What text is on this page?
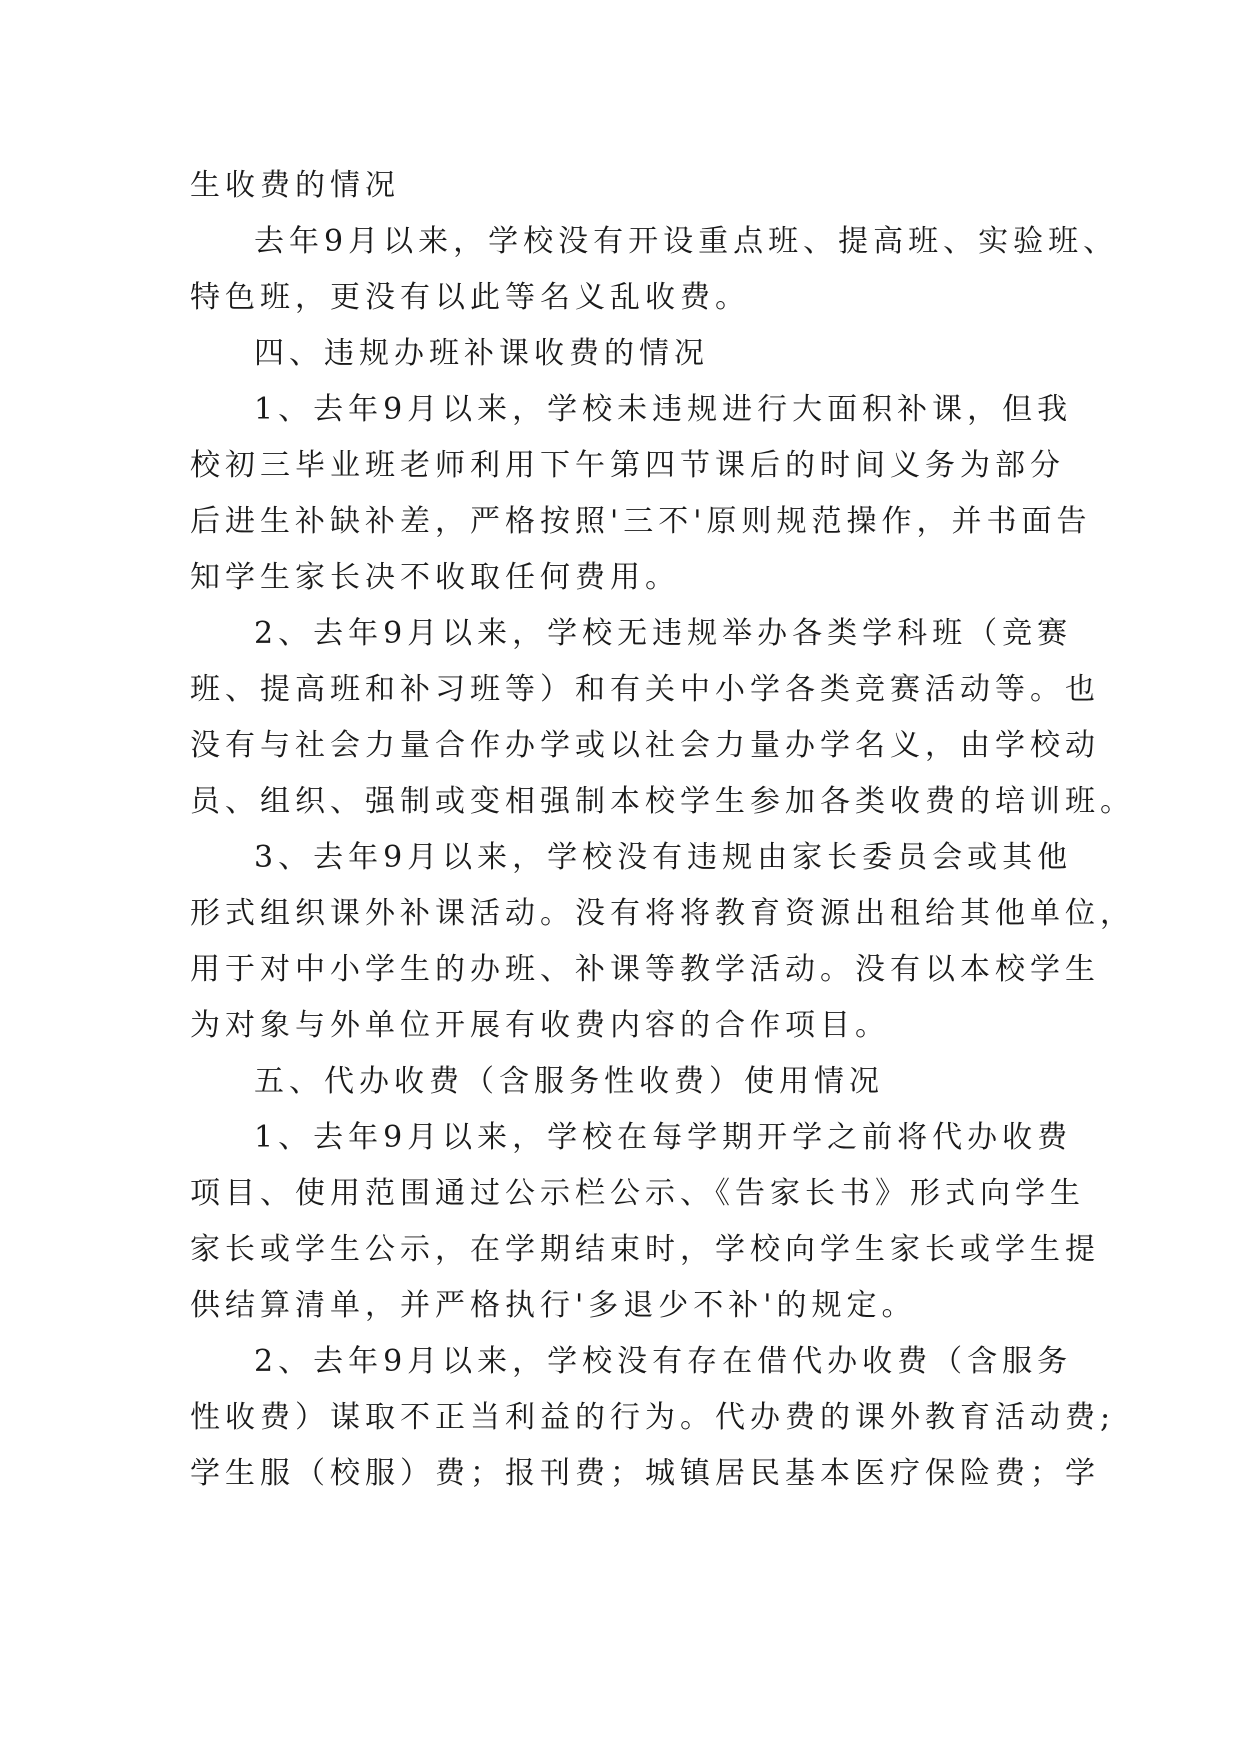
生收费的情况
去年9月以来，学校没有开设重点班、提高班、实验班、
特色班，更没有以此等名义乱收费。
四、违规办班补课收费的情况
1、去年9月以来，学校未违规进行大面积补课，但我
校初三毕业班老师利用下午第四节课后的时间义务为部分
后进生补缺补差，严格按照'三不'原则规范操作，并书面告
知学生家长决不收取任何费用。
2、去年9月以来，学校无违规举办各类学科班（竞赛
班、提高班和补习班等）和有关中小学各类竞赛活动等。也
没有与社会力量合作办学或以社会力量办学名义，由学校动
员、组织、强制或变相强制本校学生参加各类收费的培训班。
3、去年9月以来，学校没有违规由家长委员会或其他
形式组织课外补课活动。没有将将教育资源出租给其他单位，
用于对中小学生的办班、补课等教学活动。没有以本校学生
为对象与外单位开展有收费内容的合作项目。
五、代办收费（含服务性收费）使用情况
1、去年9月以来，学校在每学期开学之前将代办收费
项目、使用范围通过公示栏公示、《告家长书》形式向学生
家长或学生公示，在学期结束时，学校向学生家长或学生提
供结算清单，并严格执行'多退少不补'的规定。
2、去年9月以来，学校没有存在借代办收费（含服务
性收费）谋取不正当利益的行为。代办费的课外教育活动费;
学生服（校服）费；报刊费；城镇居民基本医疗保险费；学
